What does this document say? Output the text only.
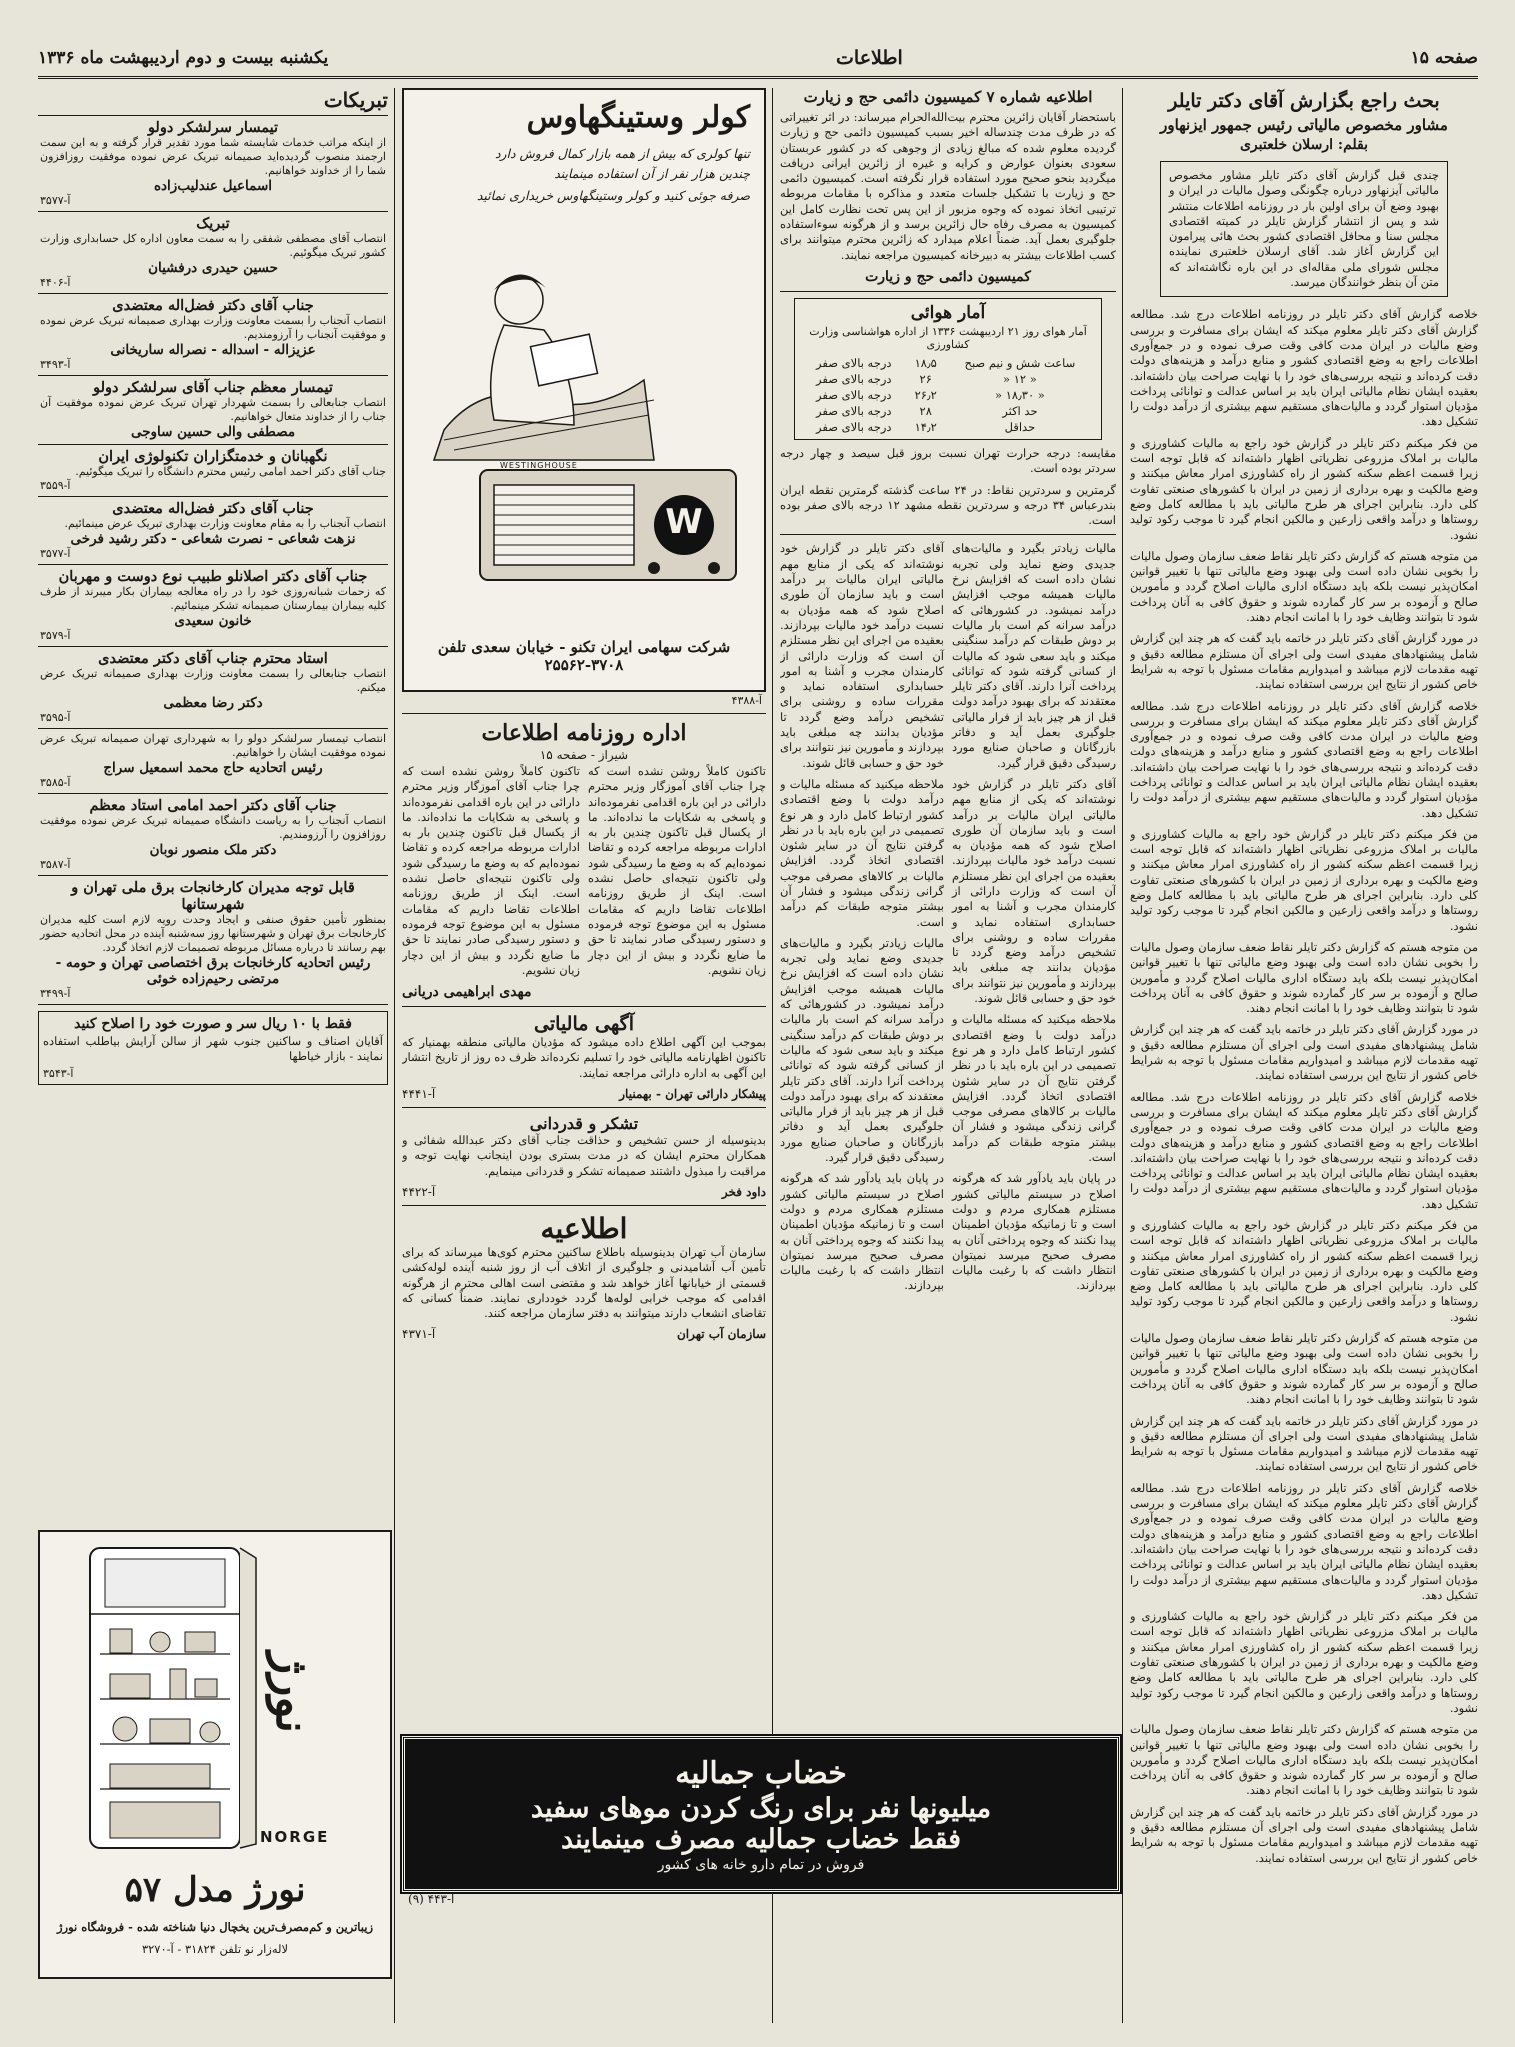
یکشنبه بیست و دوم اردیبهشت ماه ۱۳۳۶	اطلاعات	صفحه ۱۵
بحث راجع بگزارش آقای دکتر تایلر
مشاور مخصوص مالیاتی رئیس جمهور ایزنهاور
بقلم: ارسلان خلعتبری

چندی قبل گزارش آقای دکتر تایلر مشاور مخصوص مالیاتی آیزنهاور درباره چگونگی وصول مالیات در ایران و بهبود وضع آن برای اولین بار در روزنامه اطلاعات منتشر شد و پس از انتشار گزارش تایلر در کمیته اقتصادی مجلس سنا و محافل اقتصادی کشور بحث هائی پیرامون این گزارش آغاز شد. آقای ارسلان خلعتبری نماینده مجلس شورای ملی مقاله‌ای در این باره نگاشته‌اند که متن آن بنظر خوانندگان میرسد.

خلاصه گزارش آقای دکتر تایلر در روزنامه اطلاعات درج شد. مطالعه گزارش آقای دکتر تایلر معلوم میکند که ایشان برای مسافرت و بررسی وضع مالیات در ایران مدت کافی وقت صرف نموده و در جمع‌آوری اطلاعات راجع به وضع اقتصادی کشور و منابع درآمد و هزینه‌های دولت دقت کرده‌اند و نتیجه بررسی‌های خود را با نهایت صراحت بیان داشته‌اند. بعقیده ایشان نظام مالیاتی ایران باید بر اساس عدالت و توانائی پرداخت مؤدیان استوار گردد و مالیات‌های مستقیم سهم بیشتری از درآمد دولت را تشکیل دهد.

من فکر میکنم دکتر تایلر در گزارش خود راجع به مالیات کشاورزی و مالیات بر املاک مزروعی نظریاتی اظهار داشته‌اند که قابل توجه است زیرا قسمت اعظم سکنه کشور از راه کشاورزی امرار معاش میکنند و وضع مالکیت و بهره برداری از زمین در ایران با کشورهای صنعتی تفاوت کلی دارد. بنابراین اجرای هر طرح مالیاتی باید با مطالعه کامل وضع روستاها و درآمد واقعی زارعین و مالکین انجام گیرد تا موجب رکود تولید نشود.

من متوجه هستم که گزارش دکتر تایلر نقاط ضعف سازمان وصول مالیات را بخوبی نشان داده است ولی بهبود وضع مالیاتی تنها با تغییر قوانین امکان‌پذیر نیست بلکه باید دستگاه اداری مالیات اصلاح گردد و مأمورین صالح و آزموده بر سر کار گمارده شوند و حقوق کافی به آنان پرداخت شود تا بتوانند وظایف خود را با امانت انجام دهند.

در مورد گزارش آقای دکتر تایلر در خاتمه باید گفت که هر چند این گزارش شامل پیشنهادهای مفیدی است ولی اجرای آن مستلزم مطالعه دقیق و تهیه مقدمات لازم میباشد و امیدواریم مقامات مسئول با توجه به شرایط خاص کشور از نتایج این بررسی استفاده نمایند.

خلاصه گزارش آقای دکتر تایلر در روزنامه اطلاعات درج شد. مطالعه گزارش آقای دکتر تایلر معلوم میکند که ایشان برای مسافرت و بررسی وضع مالیات در ایران مدت کافی وقت صرف نموده و در جمع‌آوری اطلاعات راجع به وضع اقتصادی کشور و منابع درآمد و هزینه‌های دولت دقت کرده‌اند و نتیجه بررسی‌های خود را با نهایت صراحت بیان داشته‌اند. بعقیده ایشان نظام مالیاتی ایران باید بر اساس عدالت و توانائی پرداخت مؤدیان استوار گردد و مالیات‌های مستقیم سهم بیشتری از درآمد دولت را تشکیل دهد.

من فکر میکنم دکتر تایلر در گزارش خود راجع به مالیات کشاورزی و مالیات بر املاک مزروعی نظریاتی اظهار داشته‌اند که قابل توجه است زیرا قسمت اعظم سکنه کشور از راه کشاورزی امرار معاش میکنند و وضع مالکیت و بهره برداری از زمین در ایران با کشورهای صنعتی تفاوت کلی دارد. بنابراین اجرای هر طرح مالیاتی باید با مطالعه کامل وضع روستاها و درآمد واقعی زارعین و مالکین انجام گیرد تا موجب رکود تولید نشود.

من متوجه هستم که گزارش دکتر تایلر نقاط ضعف سازمان وصول مالیات را بخوبی نشان داده است ولی بهبود وضع مالیاتی تنها با تغییر قوانین امکان‌پذیر نیست بلکه باید دستگاه اداری مالیات اصلاح گردد و مأمورین صالح و آزموده بر سر کار گمارده شوند و حقوق کافی به آنان پرداخت شود تا بتوانند وظایف خود را با امانت انجام دهند.

در مورد گزارش آقای دکتر تایلر در خاتمه باید گفت که هر چند این گزارش شامل پیشنهادهای مفیدی است ولی اجرای آن مستلزم مطالعه دقیق و تهیه مقدمات لازم میباشد و امیدواریم مقامات مسئول با توجه به شرایط خاص کشور از نتایج این بررسی استفاده نمایند.

خلاصه گزارش آقای دکتر تایلر در روزنامه اطلاعات درج شد. مطالعه گزارش آقای دکتر تایلر معلوم میکند که ایشان برای مسافرت و بررسی وضع مالیات در ایران مدت کافی وقت صرف نموده و در جمع‌آوری اطلاعات راجع به وضع اقتصادی کشور و منابع درآمد و هزینه‌های دولت دقت کرده‌اند و نتیجه بررسی‌های خود را با نهایت صراحت بیان داشته‌اند. بعقیده ایشان نظام مالیاتی ایران باید بر اساس عدالت و توانائی پرداخت مؤدیان استوار گردد و مالیات‌های مستقیم سهم بیشتری از درآمد دولت را تشکیل دهد.

من فکر میکنم دکتر تایلر در گزارش خود راجع به مالیات کشاورزی و مالیات بر املاک مزروعی نظریاتی اظهار داشته‌اند که قابل توجه است زیرا قسمت اعظم سکنه کشور از راه کشاورزی امرار معاش میکنند و وضع مالکیت و بهره برداری از زمین در ایران با کشورهای صنعتی تفاوت کلی دارد. بنابراین اجرای هر طرح مالیاتی باید با مطالعه کامل وضع روستاها و درآمد واقعی زارعین و مالکین انجام گیرد تا موجب رکود تولید نشود.

من متوجه هستم که گزارش دکتر تایلر نقاط ضعف سازمان وصول مالیات را بخوبی نشان داده است ولی بهبود وضع مالیاتی تنها با تغییر قوانین امکان‌پذیر نیست بلکه باید دستگاه اداری مالیات اصلاح گردد و مأمورین صالح و آزموده بر سر کار گمارده شوند و حقوق کافی به آنان پرداخت شود تا بتوانند وظایف خود را با امانت انجام دهند.

در مورد گزارش آقای دکتر تایلر در خاتمه باید گفت که هر چند این گزارش شامل پیشنهادهای مفیدی است ولی اجرای آن مستلزم مطالعه دقیق و تهیه مقدمات لازم میباشد و امیدواریم مقامات مسئول با توجه به شرایط خاص کشور از نتایج این بررسی استفاده نمایند.

خلاصه گزارش آقای دکتر تایلر در روزنامه اطلاعات درج شد. مطالعه گزارش آقای دکتر تایلر معلوم میکند که ایشان برای مسافرت و بررسی وضع مالیات در ایران مدت کافی وقت صرف نموده و در جمع‌آوری اطلاعات راجع به وضع اقتصادی کشور و منابع درآمد و هزینه‌های دولت دقت کرده‌اند و نتیجه بررسی‌های خود را با نهایت صراحت بیان داشته‌اند. بعقیده ایشان نظام مالیاتی ایران باید بر اساس عدالت و توانائی پرداخت مؤدیان استوار گردد و مالیات‌های مستقیم سهم بیشتری از درآمد دولت را تشکیل دهد.

من فکر میکنم دکتر تایلر در گزارش خود راجع به مالیات کشاورزی و مالیات بر املاک مزروعی نظریاتی اظهار داشته‌اند که قابل توجه است زیرا قسمت اعظم سکنه کشور از راه کشاورزی امرار معاش میکنند و وضع مالکیت و بهره برداری از زمین در ایران با کشورهای صنعتی تفاوت کلی دارد. بنابراین اجرای هر طرح مالیاتی باید با مطالعه کامل وضع روستاها و درآمد واقعی زارعین و مالکین انجام گیرد تا موجب رکود تولید نشود.

من متوجه هستم که گزارش دکتر تایلر نقاط ضعف سازمان وصول مالیات را بخوبی نشان داده است ولی بهبود وضع مالیاتی تنها با تغییر قوانین امکان‌پذیر نیست بلکه باید دستگاه اداری مالیات اصلاح گردد و مأمورین صالح و آزموده بر سر کار گمارده شوند و حقوق کافی به آنان پرداخت شود تا بتوانند وظایف خود را با امانت انجام دهند.

در مورد گزارش آقای دکتر تایلر در خاتمه باید گفت که هر چند این گزارش شامل پیشنهادهای مفیدی است ولی اجرای آن مستلزم مطالعه دقیق و تهیه مقدمات لازم میباشد و امیدواریم مقامات مسئول با توجه به شرایط خاص کشور از نتایج این بررسی استفاده نمایند.

اطلاعیه شماره ۷ کمیسیون دائمی حج و زیارت

باستحضار آقایان زائرین محترم بیت‌الله‌الحرام میرساند: در اثر تغییراتی که در ظرف مدت چندساله اخیر بسبب کمیسیون دائمی حج و زیارت گردیده معلوم شده که مبالغ زیادی از وجوهی که در کشور عربستان سعودی بعنوان عوارض و کرایه و غیره از زائرین ایرانی دریافت میگردید بنحو صحیح مورد استفاده قرار نگرفته است. کمیسیون دائمی حج و زیارت با تشکیل جلسات متعدد و مذاکره با مقامات مربوطه ترتیبی اتخاذ نموده که وجوه مزبور از این پس تحت نظارت کامل این کمیسیون به مصرف رفاه حال زائرین برسد و از هرگونه سوءاستفاده جلوگیری بعمل آید. ضمناً اعلام میدارد که زائرین محترم میتوانند برای کسب اطلاعات بیشتر به دبیرخانه کمیسیون مراجعه نمایند.

کمیسیون دائمی حج و زیارت
آمار هوائی
آمار هوای روز ۲۱ اردیبهشت ۱۳۳۶ از اداره هواشناسی وزارت کشاورزی
ساعت شش و نیم صبح	۱۸٫۵	درجه بالای صفر
« ۱۲ «	۲۶	درجه بالای صفر
« ۱۸٫۳۰ «	۲۶٫۲	درجه بالای صفر
حد اکثر	۲۸	درجه بالای صفر
حداقل	۱۴٫۲	درجه بالای صفر

مقایسه: درجه حرارت تهران نسبت بروز قبل سیصد و چهار درجه سردتر بوده است.

گرمترین و سردترین نقاط: در ۲۴ ساعت گذشته گرمترین نقطه ایران بندرعباس ۳۴ درجه و سردترین نقطه مشهد ۱۲ درجه بالای صفر بوده است.

مالیات زیادتر بگیرد و مالیات‌های جدیدی وضع نماید ولی تجربه نشان داده است که افزایش نرخ مالیات همیشه موجب افزایش درآمد نمیشود. در کشورهائی که درآمد سرانه کم است بار مالیات بر دوش طبقات کم درآمد سنگینی میکند و باید سعی شود که مالیات از کسانی گرفته شود که توانائی پرداخت آنرا دارند. آقای دکتر تایلر معتقدند که برای بهبود درآمد دولت قبل از هر چیز باید از فرار مالیاتی جلوگیری بعمل آید و دفاتر بازرگانان و صاحبان صنایع مورد رسیدگی دقیق قرار گیرد.

آقای دکتر تایلر در گزارش خود نوشته‌اند که یکی از منابع مهم مالیاتی ایران مالیات بر درآمد است و باید سازمان آن طوری اصلاح شود که همه مؤدیان به نسبت درآمد خود مالیات بپردازند. بعقیده من اجرای این نظر مستلزم آن است که وزارت دارائی از کارمندان مجرب و آشنا به امور حسابداری استفاده نماید و مقررات ساده و روشنی برای تشخیص درآمد وضع گردد تا مؤدیان بدانند چه مبلغی باید بپردازند و مأمورین نیز نتوانند برای خود حق و حسابی قائل شوند.

ملاحظه میکنید که مسئله مالیات و درآمد دولت با وضع اقتصادی کشور ارتباط کامل دارد و هر نوع تصمیمی در این باره باید با در نظر گرفتن نتایج آن در سایر شئون اقتصادی اتخاذ گردد. افزایش مالیات بر کالاهای مصرفی موجب گرانی زندگی میشود و فشار آن بیشتر متوجه طبقات کم درآمد است.

در پایان باید یادآور شد که هرگونه اصلاح در سیستم مالیاتی کشور مستلزم همکاری مردم و دولت است و تا زمانیکه مؤدیان اطمینان پیدا نکنند که وجوه پرداختی آنان به مصرف صحیح میرسد نمیتوان انتظار داشت که با رغبت مالیات بپردازند.

آقای دکتر تایلر در گزارش خود نوشته‌اند که یکی از منابع مهم مالیاتی ایران مالیات بر درآمد است و باید سازمان آن طوری اصلاح شود که همه مؤدیان به نسبت درآمد خود مالیات بپردازند. بعقیده من اجرای این نظر مستلزم آن است که وزارت دارائی از کارمندان مجرب و آشنا به امور حسابداری استفاده نماید و مقررات ساده و روشنی برای تشخیص درآمد وضع گردد تا مؤدیان بدانند چه مبلغی باید بپردازند و مأمورین نیز نتوانند برای خود حق و حسابی قائل شوند.

ملاحظه میکنید که مسئله مالیات و درآمد دولت با وضع اقتصادی کشور ارتباط کامل دارد و هر نوع تصمیمی در این باره باید با در نظر گرفتن نتایج آن در سایر شئون اقتصادی اتخاذ گردد. افزایش مالیات بر کالاهای مصرفی موجب گرانی زندگی میشود و فشار آن بیشتر متوجه طبقات کم درآمد است.

مالیات زیادتر بگیرد و مالیات‌های جدیدی وضع نماید ولی تجربه نشان داده است که افزایش نرخ مالیات همیشه موجب افزایش درآمد نمیشود. در کشورهائی که درآمد سرانه کم است بار مالیات بر دوش طبقات کم درآمد سنگینی میکند و باید سعی شود که مالیات از کسانی گرفته شود که توانائی پرداخت آنرا دارند. آقای دکتر تایلر معتقدند که برای بهبود درآمد دولت قبل از هر چیز باید از فرار مالیاتی جلوگیری بعمل آید و دفاتر بازرگانان و صاحبان صنایع مورد رسیدگی دقیق قرار گیرد.

در پایان باید یادآور شد که هرگونه اصلاح در سیستم مالیاتی کشور مستلزم همکاری مردم و دولت است و تا زمانیکه مؤدیان اطمینان پیدا نکنند که وجوه پرداختی آنان به مصرف صحیح میرسد نمیتوان انتظار داشت که با رغبت مالیات بپردازند.

خضاب جمالیه
میلیونها نفر برای رنگ کردن موهای سفید
فقط خضاب جمالیه مصرف مینمایند
فروش در تمام دارو خانه های کشور
آ-۴۴۳ (۹)
کولر وستینگهاوس
تنها کولری که بیش از همه بازار کمال فروش دارد
چندین هزار نفر از آن استفاده مینمایند
صرفه جوئی کنید و کولر وستینگهاوس خریداری نمائید
W
WESTINGHOUSE
شرکت سهامی ایران تکنو - خیابان سعدی تلفن ۳۷۰۸-۲۵۵۶۲
آ-۴۳۸۸
اداره روزنامه اطلاعات
شیراز - صفحه ۱۵

تاکنون کاملاً روشن نشده است که چرا جناب آقای آموزگار وزیر محترم دارائی در این باره اقدامی نفرموده‌اند و پاسخی به شکایات ما نداده‌اند. ما از یکسال قبل تاکنون چندین بار به ادارات مربوطه مراجعه کرده و تقاضا نموده‌ایم که به وضع ما رسیدگی شود ولی تاکنون نتیجه‌ای حاصل نشده است. اینک از طریق روزنامه اطلاعات تقاضا داریم که مقامات مسئول به این موضوع توجه فرموده و دستور رسیدگی صادر نمایند تا حق ما ضایع نگردد و بیش از این دچار زیان نشویم.

تاکنون کاملاً روشن نشده است که چرا جناب آقای آموزگار وزیر محترم دارائی در این باره اقدامی نفرموده‌اند و پاسخی به شکایات ما نداده‌اند. ما از یکسال قبل تاکنون چندین بار به ادارات مربوطه مراجعه کرده و تقاضا نموده‌ایم که به وضع ما رسیدگی شود ولی تاکنون نتیجه‌ای حاصل نشده است. اینک از طریق روزنامه اطلاعات تقاضا داریم که مقامات مسئول به این موضوع توجه فرموده و دستور رسیدگی صادر نمایند تا حق ما ضایع نگردد و بیش از این دچار زیان نشویم.

مهدی ابراهیمی دریانی
آگهی مالیاتی

بموجب این آگهی اطلاع داده میشود که مؤدیان مالیاتی منطقه بهمنیار که تاکنون اظهارنامه مالیاتی خود را تسلیم نکرده‌اند ظرف ده روز از تاریخ انتشار این آگهی به اداره دارائی مراجعه نمایند.

پیشکار دارائی تهران - بهمنیار
آ-۴۴۴۱
تشکر و قدردانی

بدینوسیله از حسن تشخیص و حذاقت جناب آقای دکتر عبدالله شفائی و همکاران محترم ایشان که در مدت بستری بودن اینجانب نهایت توجه و مراقبت را مبذول داشتند صمیمانه تشکر و قدردانی مینمایم.

داود فخر
آ-۴۴۲۲
اطلاعیه

سازمان آب تهران بدینوسیله باطلاع ساکنین محترم کوی‌ها میرساند که برای تأمین آب آشامیدنی و جلوگیری از اتلاف آب از روز شنبه آینده لوله‌کشی قسمتی از خیابانها آغاز خواهد شد و مقتضی است اهالی محترم از هرگونه اقدامی که موجب خرابی لوله‌ها گردد خودداری نمایند. ضمناً کسانی که تقاضای انشعاب دارند میتوانند به دفتر سازمان مراجعه کنند.

سازمان آب تهران
آ-۴۳۷۱
تبریکات
تیمسار سرلشکر دولو
از اینکه مراتب خدمات شایسته شما مورد تقدیر قرار گرفته و به این سمت ارجمند منصوب گردیده‌اید صمیمانه تبریک عرض نموده موفقیت روزافزون شما را از خداوند خواهانیم.
اسماعیل عندلیب‌زاده
آ-۳۵۷۷
تبریک
انتصاب آقای مصطفی شفقی را به سمت معاون اداره کل حسابداری وزارت کشور تبریک میگوئیم.
حسین حیدری درفشیان
آ-۴۴۰۶
جناب آقای دکتر فضل‌اله معتضدی
انتصاب آنجناب را بسمت معاونت وزارت بهداری صمیمانه تبریک عرض نموده و موفقیت آنجناب را آرزومندیم.
عزیزاله - اسداله - نصراله ساریخانی
آ-۳۴۹۳
تیمسار معظم جناب آقای سرلشکر دولو
انتصاب جنابعالی را بسمت شهردار تهران تبریک عرض نموده موفقیت آن جناب را از خداوند متعال خواهانیم.
مصطفی والی حسین ساوجی
نگهبانان و خدمتگزاران تکنولوژی ایران
جناب آقای دکتر احمد امامی رئیس محترم دانشگاه را تبریک میگوئیم.
آ-۳۵۵۹
جناب آقای دکتر فضل‌اله معتضدی
انتصاب آنجناب را به مقام معاونت وزارت بهداری تبریک عرض مینمائیم.
نزهت شعاعی - نصرت شعاعی - دکتر رشید فرخی
آ-۳۵۷۷
جناب آقای دکتر اصلانلو طبیب نوع دوست و مهربان
که زحمات شبانه‌روزی خود را در راه معالجه بیماران بکار میبرند از طرف کلیه بیماران بیمارستان صمیمانه تشکر مینمائیم.
خانون سعیدی
آ-۳۵۷۹
استاد محترم جناب آقای دکتر معتضدی
انتصاب جنابعالی را بسمت معاونت وزارت بهداری صمیمانه تبریک عرض میکنم.
دکتر رضا معظمی
آ-۳۵۹۵
انتصاب تیمسار سرلشکر دولو را به شهرداری تهران صمیمانه تبریک عرض نموده موفقیت ایشان را خواهانیم.
رئیس اتحادیه حاج محمد اسمعیل سراج
آ-۳۵۸۵
جناب آقای دکتر احمد امامی استاد معظم
انتصاب آنجناب را به ریاست دانشگاه صمیمانه تبریک عرض نموده موفقیت روزافزون را آرزومندیم.
دکتر ملک منصور نوبان
آ-۳۵۸۷
قابل توجه مدیران کارخانجات برق ملی تهران و شهرستانها
بمنظور تأمین حقوق صنفی و ایجاد وحدت رویه لازم است کلیه مدیران کارخانجات برق تهران و شهرستانها روز سه‌شنبه آینده در محل اتحادیه حضور بهم رسانند تا درباره مسائل مربوطه تصمیمات لازم اتخاذ گردد.
رئیس اتحادیه کارخانجات برق اختصاصی تهران و حومه - مرتضی رحیم‌زاده خوئی
آ-۳۴۹۹
فقط با ۱۰ ریال سر و صورت خود را اصلاح کنید

آقایان اصناف و ساکنین جنوب شهر از سالن آرایش بیاطلب استفاده نمایند - بازار خیاطها

آ-۳۵۴۳
نورژ
NORGE
نورژ مدل ۵۷
زیباترین و کم‌مصرف‌ترین یخچال دنیا شناخته شده - فروشگاه نورژ
لاله‌زار نو تلفن ۳۱۸۲۴ - آ-۳۲۷۰
